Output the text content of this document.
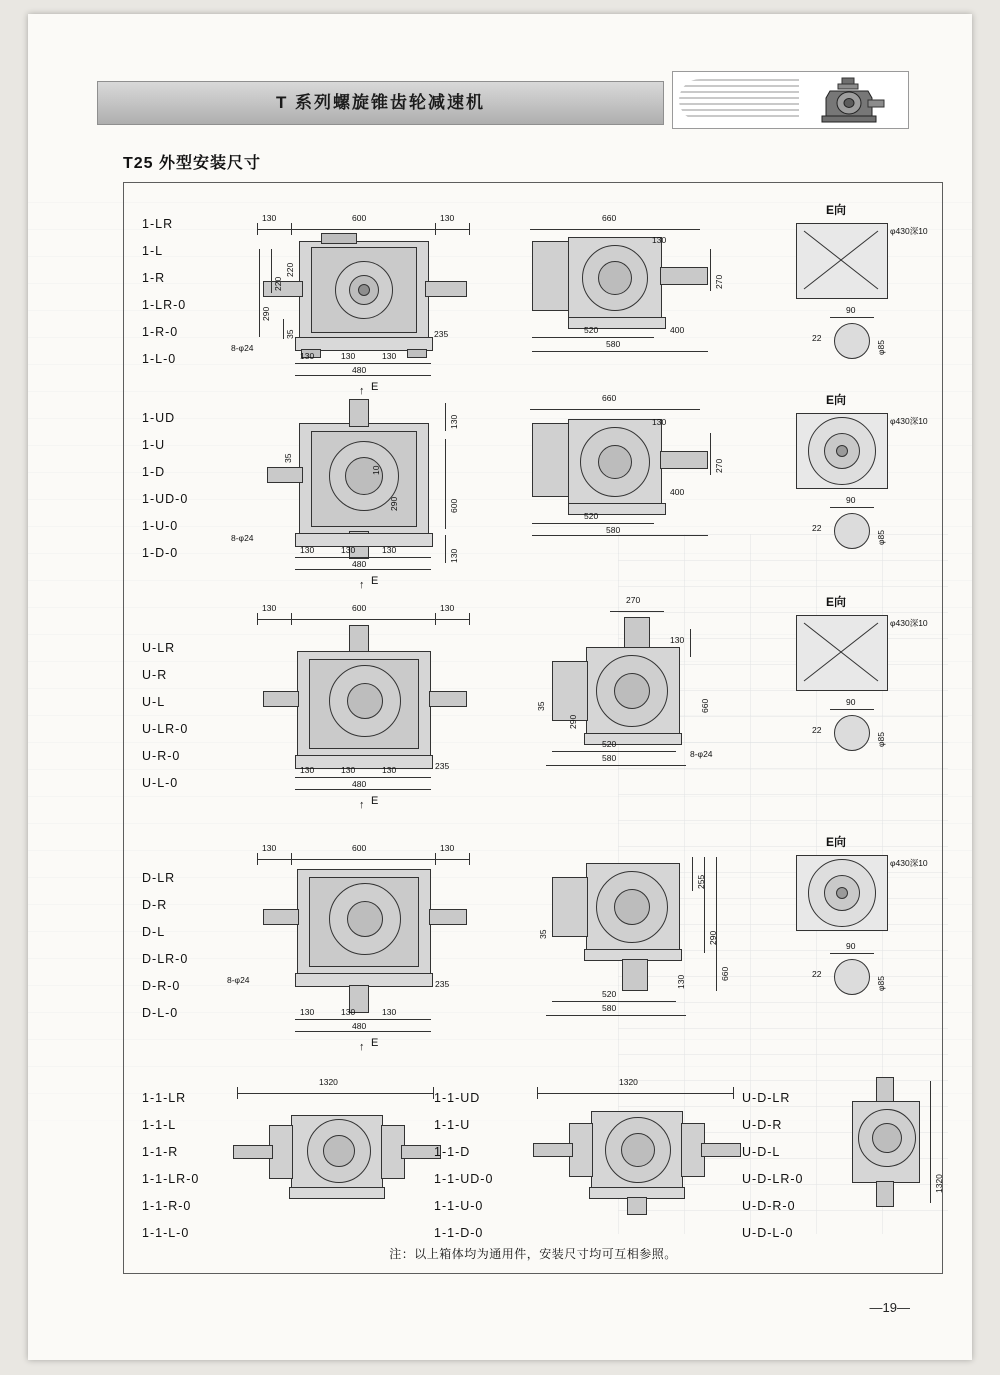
T 系列螺旋锥齿轮减速机
T25 外型安装尺寸
1-LR
1-L
1-R
1-LR-0
1-R-0
1-L-0
130	600	130
220
290
35
220
130	130	130
480
235
8-φ24
↑ E
660
130
270
520	400
580
E向
φ430深10
90
22
φ85
1-UD
1-U
1-D
1-UD-0
1-U-0
1-D-0
130
600
130
35
10
290
130	130	130
480
8-φ24
↑ E
660
130
270
520
400
580
E向
φ430深10
90
22
φ85
U-LR
U-R
U-L
U-LR-0
U-R-0
U-L-0
130	600	130
130	130	130
480
235
↑ E
270
130
660
35
290
520
580	8-φ24
E向
φ430深10
90
22
φ85
D-LR
D-R
D-L
D-LR-0
D-R-0
D-L-0
130	600	130
130	130	130
480
235
8-φ24
↑ E
255
290
660
130
35
520
580
E向
φ430深10
90
22
φ85
1-1-LR
1-1-L
1-1-R
1-1-LR-0
1-1-R-0
1-1-L-0
1320
1-1-UD
1-1-U
1-1-D
1-1-UD-0
1-1-U-0
1-1-D-0
1320
U-D-LR
U-D-R
U-D-L
U-D-LR-0
U-D-R-0
U-D-L-0
1320
注：以上箱体均为通用件，安装尺寸均可互相参照。
—19—
